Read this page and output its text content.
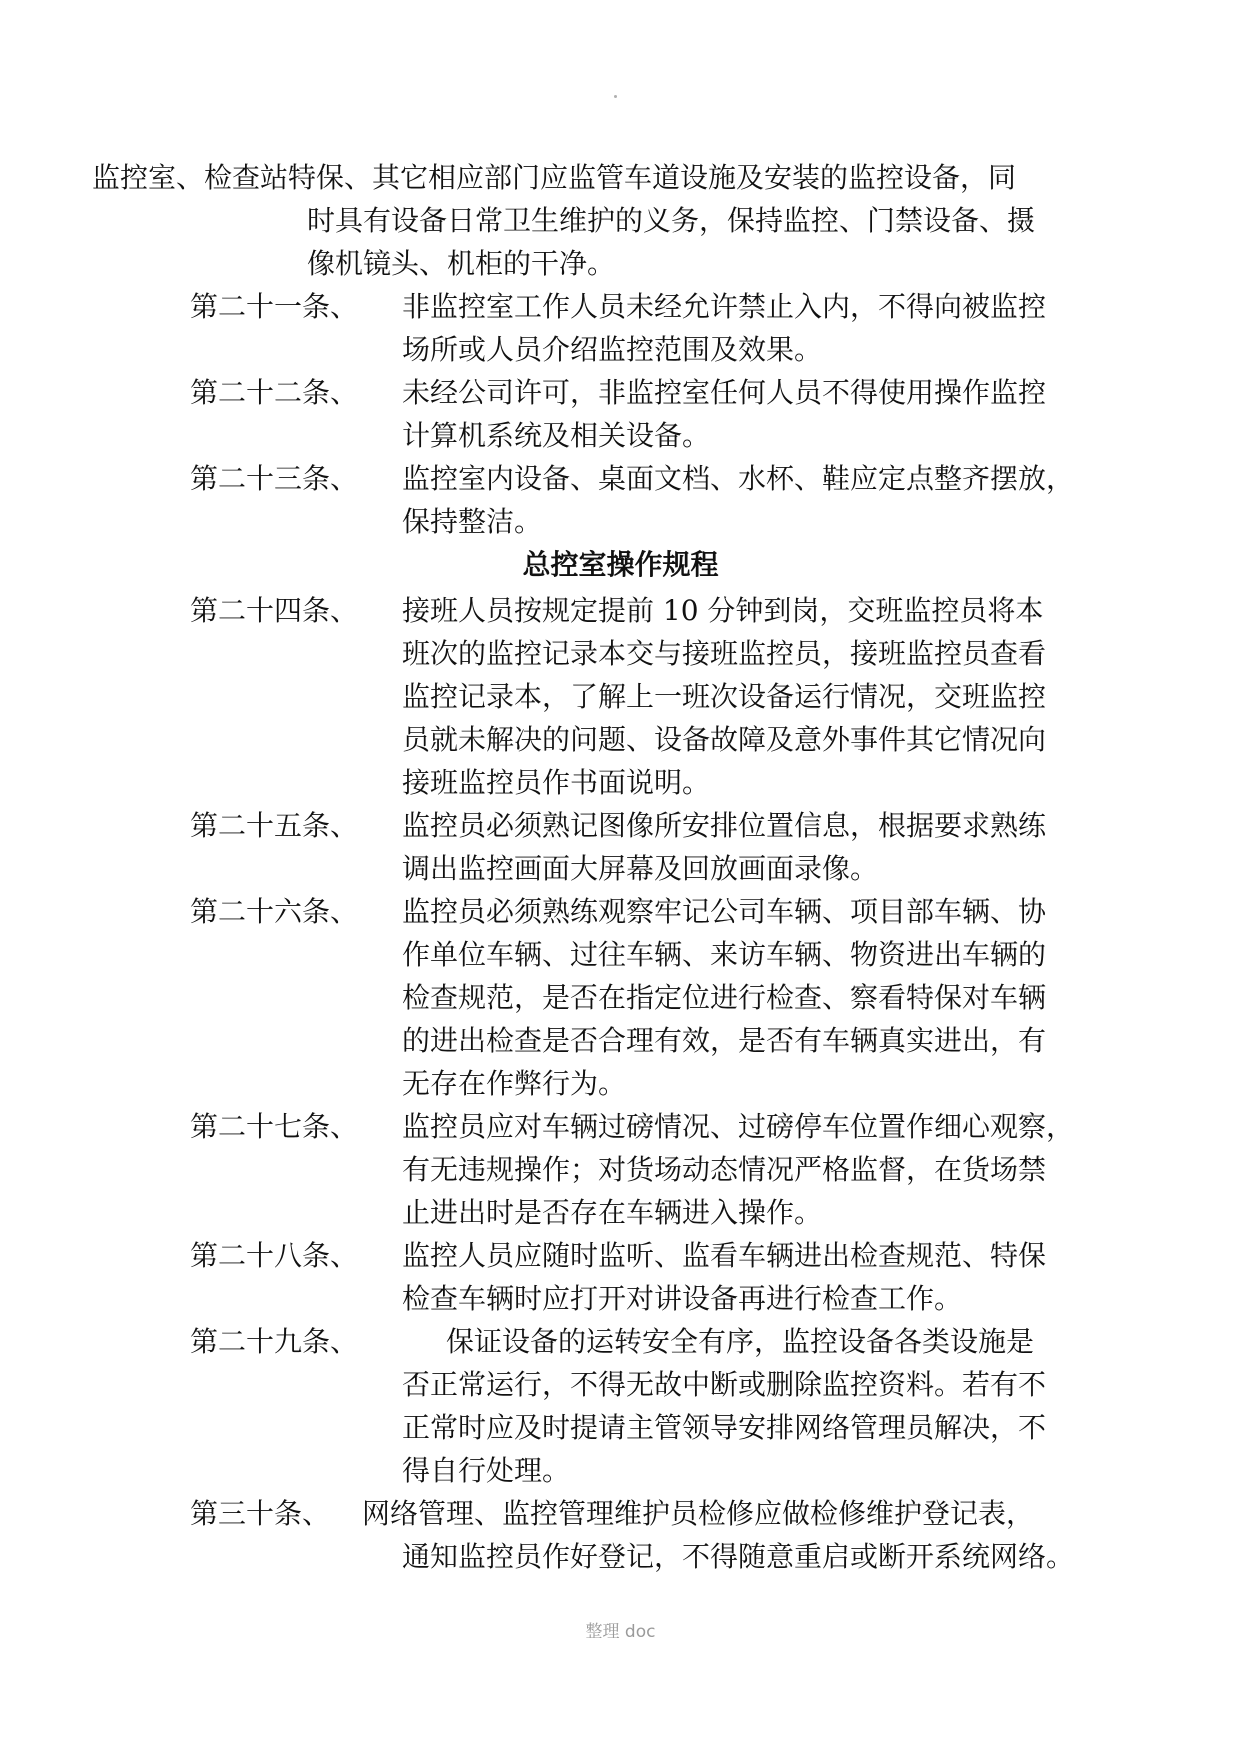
监控室、检查站特保、其它相应部门应监管车道设施及安装的监控设备，同
时具有设备日常卫生维护的义务，保持监控、门禁设备、摄
像机镜头、机柜的干净。
第二十一条、 非监控室工作人员未经允许禁止入内，不得向被监控
场所或人员介绍监控范围及效果。
第二十二条、 未经公司许可，非监控室任何人员不得使用操作监控
计算机系统及相关设备。
第二十三条、 监控室内设备、桌面文档、水杯、鞋应定点整齐摆放，
保持整洁。
总控室操作规程
第二十四条、 接班人员按规定提前 10 分钟到岗，交班监控员将本
班次的监控记录本交与接班监控员，接班监控员查看
监控记录本，了解上一班次设备运行情况，交班监控
员就未解决的问题、设备故障及意外事件其它情况向
接班监控员作书面说明。
第二十五条、 监控员必须熟记图像所安排位置信息，根据要求熟练
调出监控画面大屏幕及回放画面录像。
第二十六条、 监控员必须熟练观察牢记公司车辆、项目部车辆、协
作单位车辆、过往车辆、来访车辆、物资进出车辆的
检查规范，是否在指定位进行检查、察看特保对车辆
的进出检查是否合理有效，是否有车辆真实进出，有
无存在作弊行为。
第二十七条、 监控员应对车辆过磅情况、过磅停车位置作细心观察，
有无违规操作；对货场动态情况严格监督，在货场禁
止进出时是否存在车辆进入操作。
第二十八条、 监控人员应随时监听、监看车辆进出检查规范、特保
检查车辆时应打开对讲设备再进行检查工作。
第二十九条、	保证设备的运转安全有序，监控设备各类设施是
否正常运行，不得无故中断或删除监控资料。若有不
正常时应及时提请主管领导安排网络管理员解决，不
得自行处理。
第三十条、 网络管理、监控管理维护员检修应做检修维护登记表，
通知监控员作好登记，不得随意重启或断开系统网络。
整理 doc
